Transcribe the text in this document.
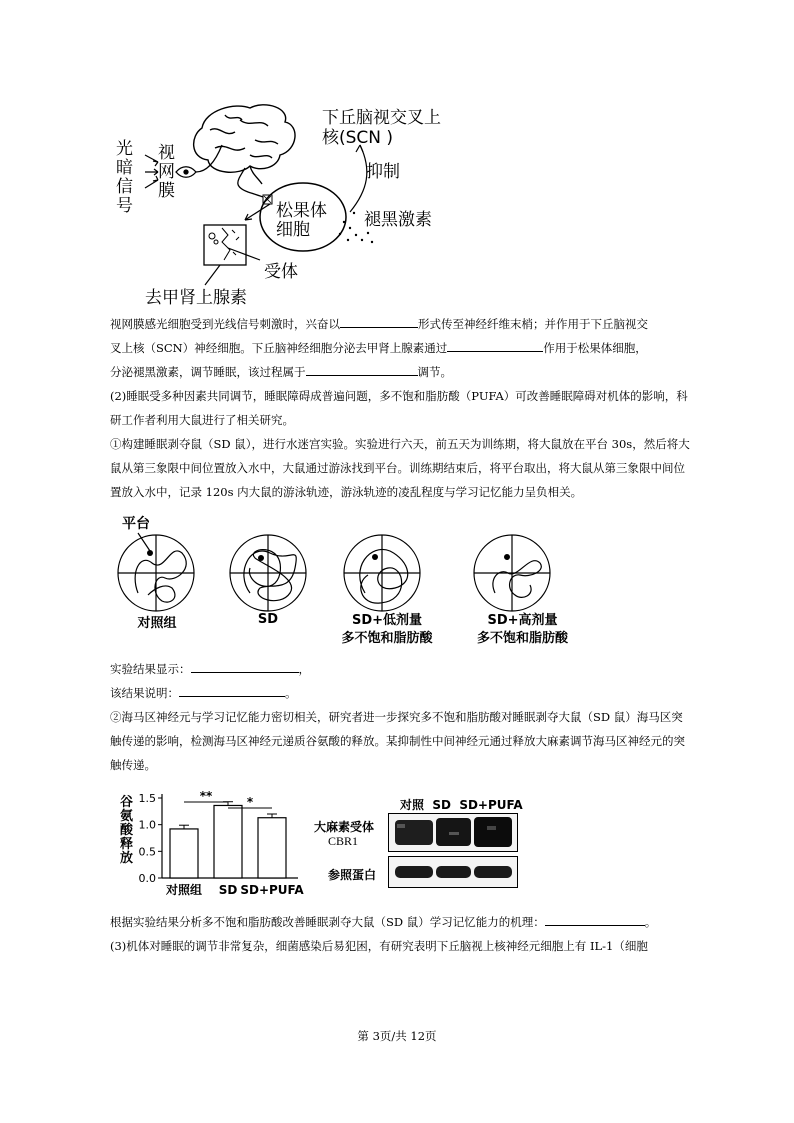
光暗信号
视网膜
下丘脑视交叉上核(SCN )
抑制
松果体细胞	褪黑激素
受体
去甲肾上腺素
视网膜感光细胞受到光线信号刺激时，兴奋以	形式传至神经纤维末梢；并作用于下丘脑视交
叉上核（SCN）神经细胞。下丘脑神经细胞分泌去甲肾上腺素通过	作用于松果体细胞，
分泌褪黑激素，调节睡眠，该过程属于	调节。
(2)睡眠受多种因素共同调节，睡眠障碍成普遍问题，多不饱和脂肪酸（PUFA）可改善睡眠障碍对机体的影响，科研工作者利用大鼠进行了相关研究。
①构建睡眠剥夺鼠（SD 鼠），进行水迷宫实验。实验进行六天，前五天为训练期，将大鼠放在平台 30s，然后将大鼠从第三象限中间位置放入水中，大鼠通过游泳找到平台。训练期结束后，将平台取出，将大鼠从第三象限中间位置放入水中，记录 120s 内大鼠的游泳轨迹，游泳轨迹的凌乱程度与学习记忆能力呈负相关。
平台
对照组	SD	SD+低剂量
多不饱和脂肪酸
SD+高剂量
多不饱和脂肪酸
实验结果显示：	，
该结果说明：	。
②海马区神经元与学习记忆能力密切相关，研究者进一步探究多不饱和脂肪酸对睡眠剥夺大鼠（SD 鼠）海马区突触传递的影响，检测海马区神经元递质谷氨酸的释放。某抑制性中间神经元通过释放大麻素调节海马区神经元的突触传递。
谷氨酸释放
0.0
0.5
1.0
1.5
对照组 SD SD+PUFA
**	*	对照  SD  SD+PUFA
大麻素受体
CBR1
参照蛋白
根据实验结果分析多不饱和脂肪酸改善睡眠剥夺大鼠（SD 鼠）学习记忆能力的机理：	。
(3)机体对睡眠的调节非常复杂，细菌感染后易犯困，有研究表明下丘脑视上核神经元细胞上有 IL-1（细胞
第 3页/共 12页
